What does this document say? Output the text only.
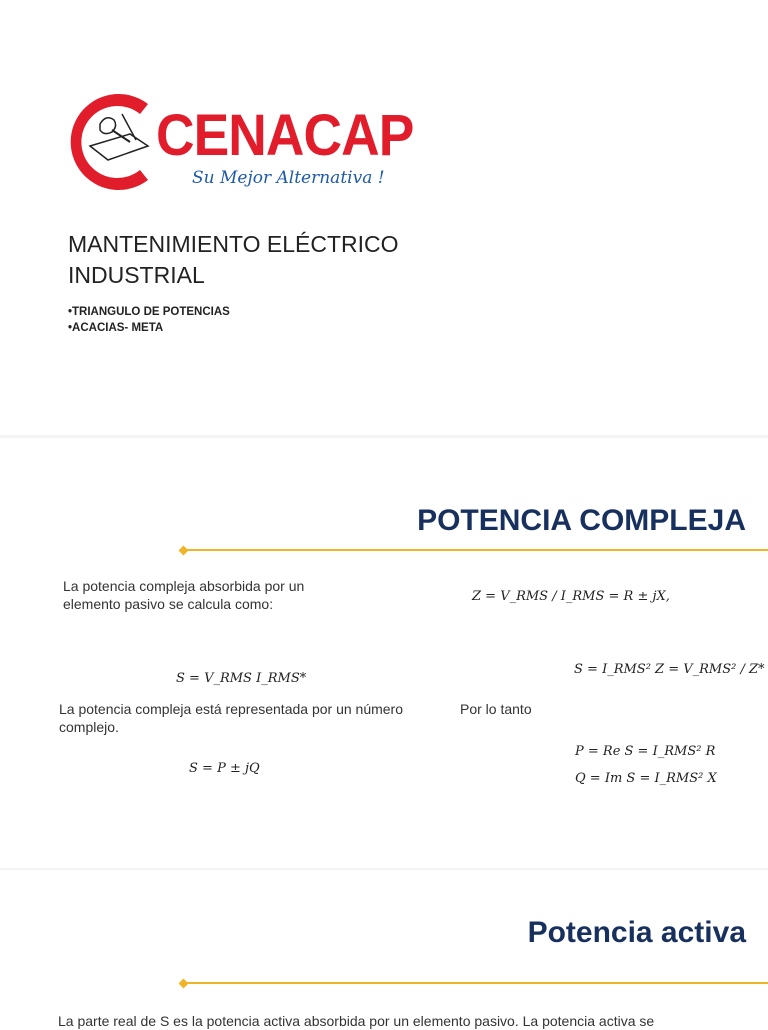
CENACAP
Su Mejor Alternativa !
MANTENIMIENTO ELÉCTRICO INDUSTRIAL
•TRIANGULO DE POTENCIAS
•ACACIAS- META
POTENCIA COMPLEJA
La potencia compleja absorbida por un elemento pasivo se calcula como:	Z = V_RMS / I_RMS = R ± jX,
S = V_RMS I_RMS*
S = I_RMS² Z = V_RMS² / Z*
La potencia compleja está representada por un número complejo.
Por lo tanto
S = P ± jQ
P = Re S = I_RMS² R
Q = Im S = I_RMS² X
Potencia activa
La parte real de S es la potencia activa absorbida por un elemento pasivo. La potencia activa se
